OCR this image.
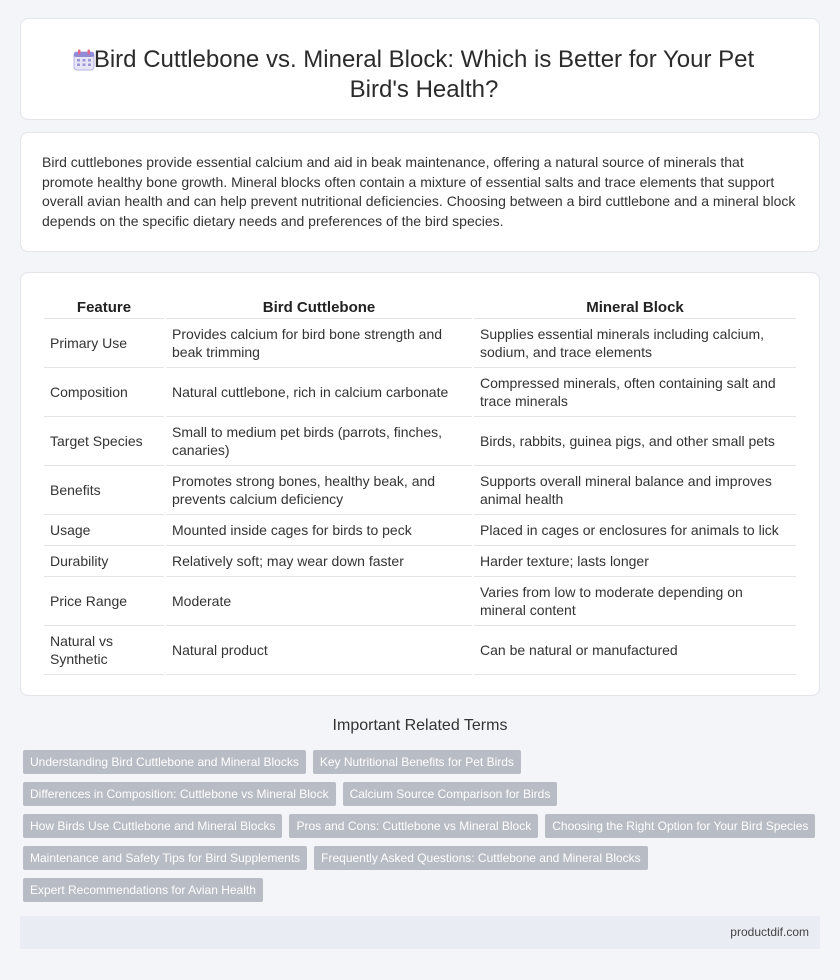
Bird Cuttlebone vs. Mineral Block: Which is Better for Your Pet Bird's Health?

Bird cuttlebones provide essential calcium and aid in beak maintenance, offering a natural source of minerals that promote healthy bone growth. Mineral blocks often contain a mixture of essential salts and trace elements that support overall avian health and can help prevent nutritional deficiencies. Choosing between a bird cuttlebone and a mineral block depends on the specific dietary needs and preferences of the bird species.

Feature	Bird Cuttlebone	Mineral Block
Primary Use	Provides calcium for bird bone strength and beak trimming	Supplies essential minerals including calcium, sodium, and trace elements
Composition	Natural cuttlebone, rich in calcium carbonate	Compressed minerals, often containing salt and trace minerals
Target Species	Small to medium pet birds (parrots, finches, canaries)	Birds, rabbits, guinea pigs, and other small pets
Benefits	Promotes strong bones, healthy beak, and prevents calcium deficiency	Supports overall mineral balance and improves animal health
Usage	Mounted inside cages for birds to peck	Placed in cages or enclosures for animals to lick
Durability	Relatively soft; may wear down faster	Harder texture; lasts longer
Price Range	Moderate	Varies from low to moderate depending on mineral content
Natural vs Synthetic	Natural product	Can be natural or manufactured
Important Related Terms
Understanding Bird Cuttlebone and Mineral Blocks	Key Nutritional Benefits for Pet Birds
Differences in Composition: Cuttlebone vs Mineral Block	Calcium Source Comparison for Birds
How Birds Use Cuttlebone and Mineral Blocks	Pros and Cons: Cuttlebone vs Mineral Block	Choosing the Right Option for Your Bird Species
Maintenance and Safety Tips for Bird Supplements	Frequently Asked Questions: Cuttlebone and Mineral Blocks
Expert Recommendations for Avian Health
productdif.com
